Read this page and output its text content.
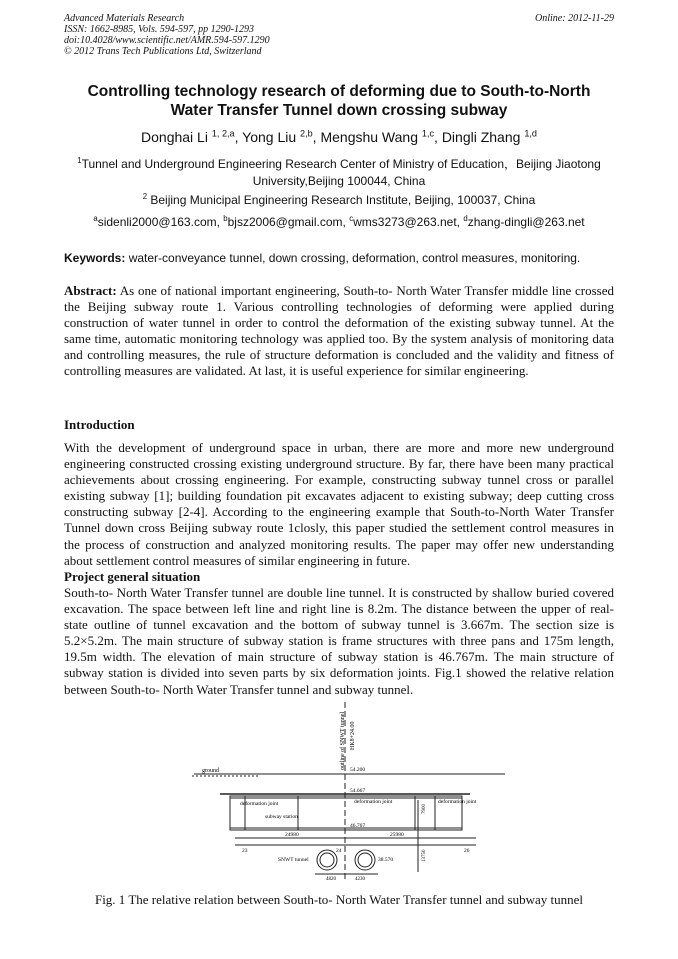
Advanced Materials Research
ISSN: 1662-8985, Vols. 594-597, pp 1290-1293
doi:10.4028/www.scientific.net/AMR.594-597.1290
© 2012 Trans Tech Publications Ltd, Switzerland
Online: 2012-11-29
Controlling technology research of deforming due to South-to-North
Water Transfer Tunnel down crossing subway
Donghai Li $^{1, 2,a}$, Yong Liu $^{2,b}$, Mengshu Wang $^{1,c}$, Dingli Zhang $^{1,d}$
$^1$Tunnel and Underground Engineering Research Center of Ministry of Education，Beijing Jiaotong
University,Beijing 100044, China
$^2$ Beijing Municipal Engineering Research Institute, Beijing, 100037, China
$^a$sidenli2000@163.com, $^b$bjsz2006@gmail.com, $^c$wms3273@263.net, $^d$zhang-dingli@263.net
Keywords: water-conveyance tunnel, down crossing, deformation, control measures, monitoring.
Abstract: As one of national important engineering, South-to- North Water Transfer middle line crossed the Beijing subway route 1. Various controlling technologies of deforming were applied during construction of water tunnel in order to control the deformation of the existing subway tunnel. At the same time, automatic monitoring technology was applied too. By the system analysis of monitoring data and controlling measures, the rule of structure deformation is concluded and the validity and fitness of controlling measures are validated. At last, it is useful experience for similar engineering.
Introduction
With the development of underground space in urban, there are more and more new underground engineering constructed crossing existing underground structure. By far, there have been many practical achievements about crossing engineering. For example, constructing subway tunnel cross or parallel existing subway [1]; building foundation pit excavates adjacent to existing subway; deep cutting cross constructing subway [2-4]. According to the engineering example that South-to-North Water Transfer Tunnel down cross Beijing subway route 1closly, this paper studied the settlement control measures in the process of construction and analyzed monitoring results. The paper may offer new understanding about settlement control measures of similar engineering in future.
Project general situation
South-to- North Water Transfer tunnel are double line tunnel. It is constructed by shallow buried covered excavation. The space between left line and right line is 8.2m. The distance between the upper of real-state outline of tunnel excavation and the bottom of subway tunnel is 3.667m. The section size is 5.2×5.2m. The main structure of subway station is frame structures with three pans and 175m length, 19.5m width. The elevation of main structure of subway station is 46.767m. The main structure of subway station is divided into seven parts by six deformation joints. Fig.1 showed the relative relation between South-to- North Water Transfer tunnel and subway tunnel.
ground
outline of SNWT tunnel HK8+24.00
54.200
54.667
46.767
deformation joint	deformation joint	deformation joint
subway station
SNWT tunnel	38.570
24980	25980
4820	4230
7900
13750
23	24	26
Fig. 1 The relative relation between South-to- North Water Transfer tunnel and subway tunnel
